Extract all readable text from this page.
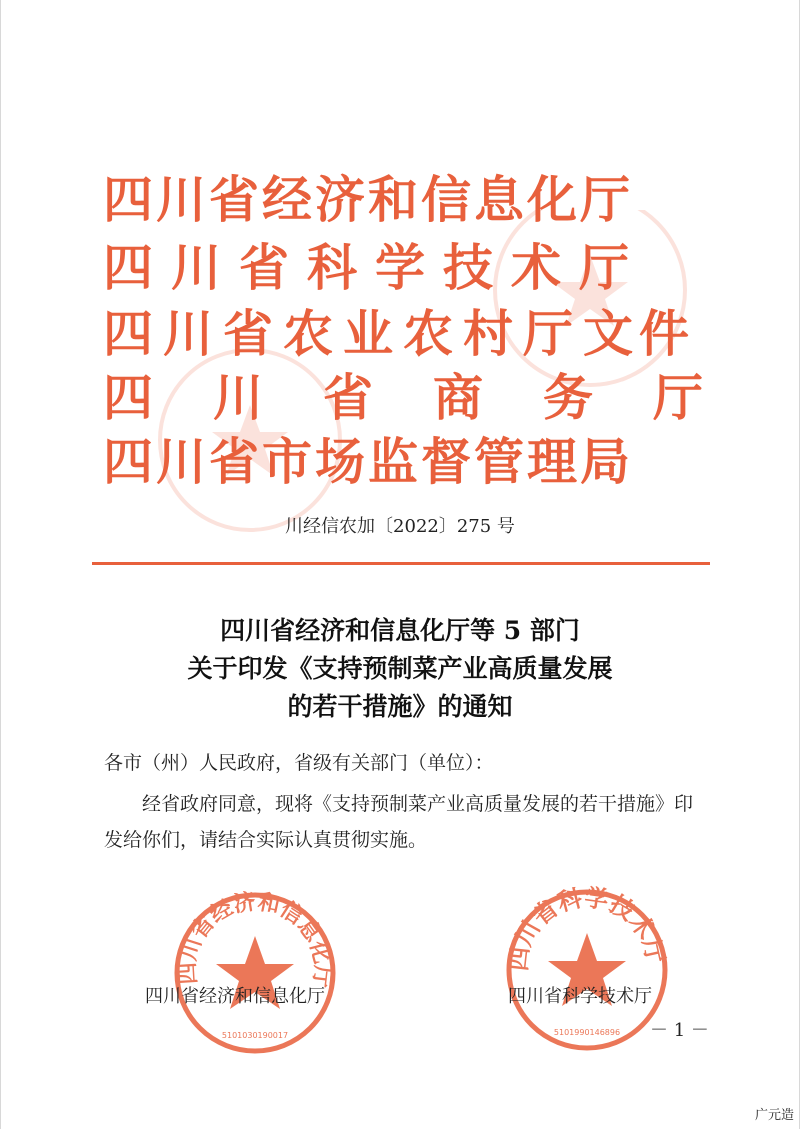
四川省经济和信息化厅
四川省科学技术厅
四川省农业农村厅 文件
四川省商务厅
四川省市场监督管理局
川经信农加〔2022〕275 号
四川省经济和信息化厅等 5 部门
关于印发《支持预制菜产业高质量发展
的若干措施》的通知
各市（州）人民政府，省级有关部门（单位）：
经省政府同意，现将《支持预制菜产业高质量发展的若干措施》印发给你们，请结合实际认真贯彻实施。
四川省经济和信息化厅
5101030190017
四川省科学技术厅
5101990146896
四川省经济和信息化厅	四川省科学技术厅
－ 1 －
广元造
